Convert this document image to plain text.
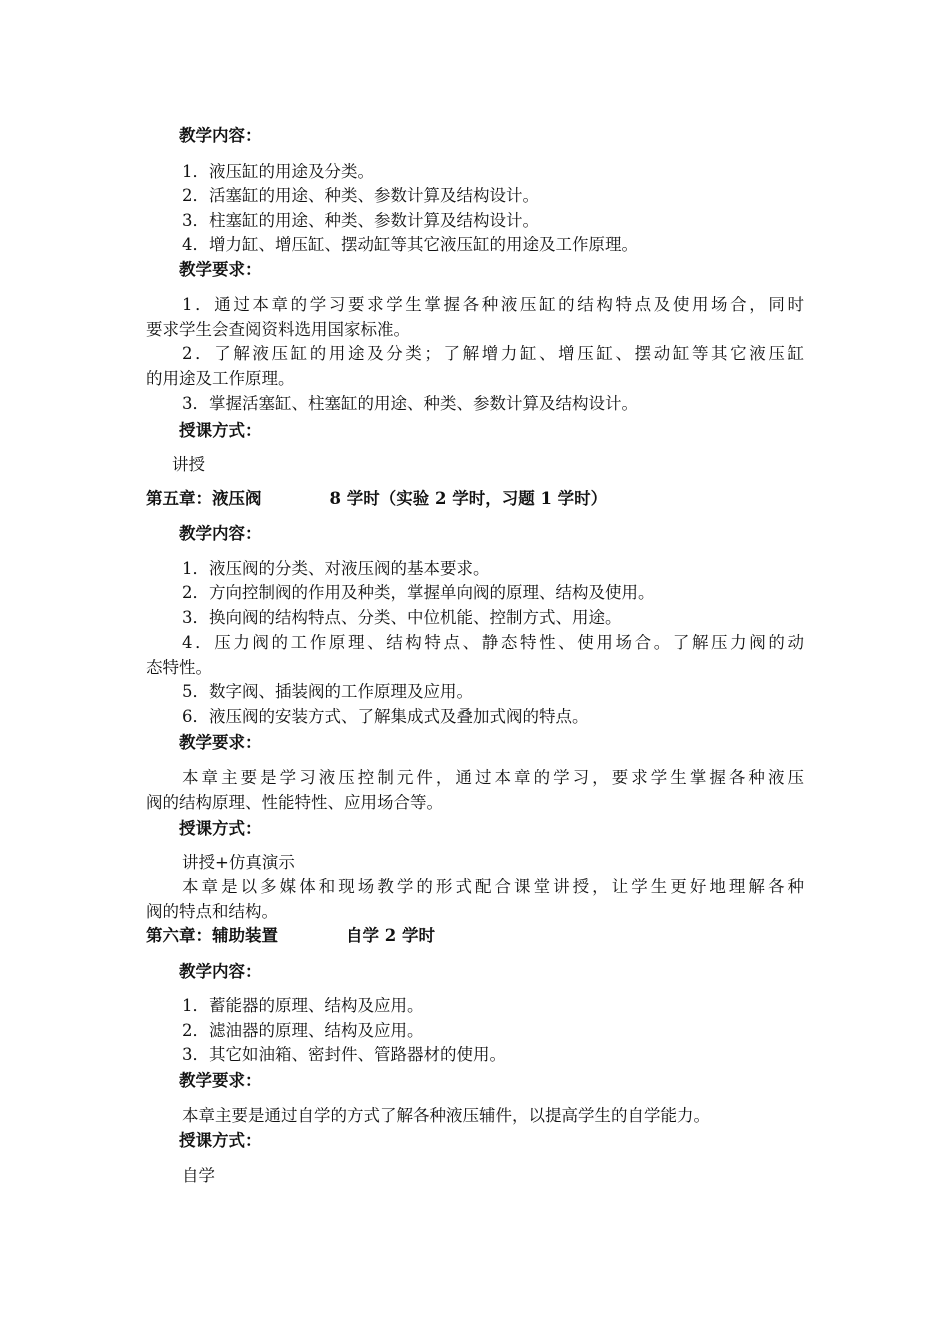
教学内容：
1．液压缸的用途及分类。
2．活塞缸的用途、种类、参数计算及结构设计。
3．柱塞缸的用途、种类、参数计算及结构设计。
4．增力缸、增压缸、摆动缸等其它液压缸的用途及工作原理。
教学要求：
1．通过本章的学习要求学生掌握各种液压缸的结构特点及使用场合，同时
要求学生会查阅资料选用国家标准。
2．了解液压缸的用途及分类；了解增力缸、增压缸、摆动缸等其它液压缸
的用途及工作原理。
3．掌握活塞缸、柱塞缸的用途、种类、参数计算及结构设计。
授课方式：
讲授
第五章：液压阀	8 学时（实验 2 学时，习题 1 学时）
教学内容：
1．液压阀的分类、对液压阀的基本要求。
2．方向控制阀的作用及种类，掌握单向阀的原理、结构及使用。
3．换向阀的结构特点、分类、中位机能、控制方式、用途。
4．压力阀的工作原理、结构特点、静态特性、使用场合。了解压力阀的动
态特性。
5．数字阀、插装阀的工作原理及应用。
6．液压阀的安装方式、了解集成式及叠加式阀的特点。
教学要求：
本章主要是学习液压控制元件，通过本章的学习，要求学生掌握各种液压
阀的结构原理、性能特性、应用场合等。
授课方式：
讲授+仿真演示
本章是以多媒体和现场教学的形式配合课堂讲授，让学生更好地理解各种
阀的特点和结构。
第六章：辅助装置	自学 2 学时
教学内容：
1．蓄能器的原理、结构及应用。
2．滤油器的原理、结构及应用。
3．其它如油箱、密封件、管路器材的使用。
教学要求：
本章主要是通过自学的方式了解各种液压辅件，以提高学生的自学能力。
授课方式：
自学
